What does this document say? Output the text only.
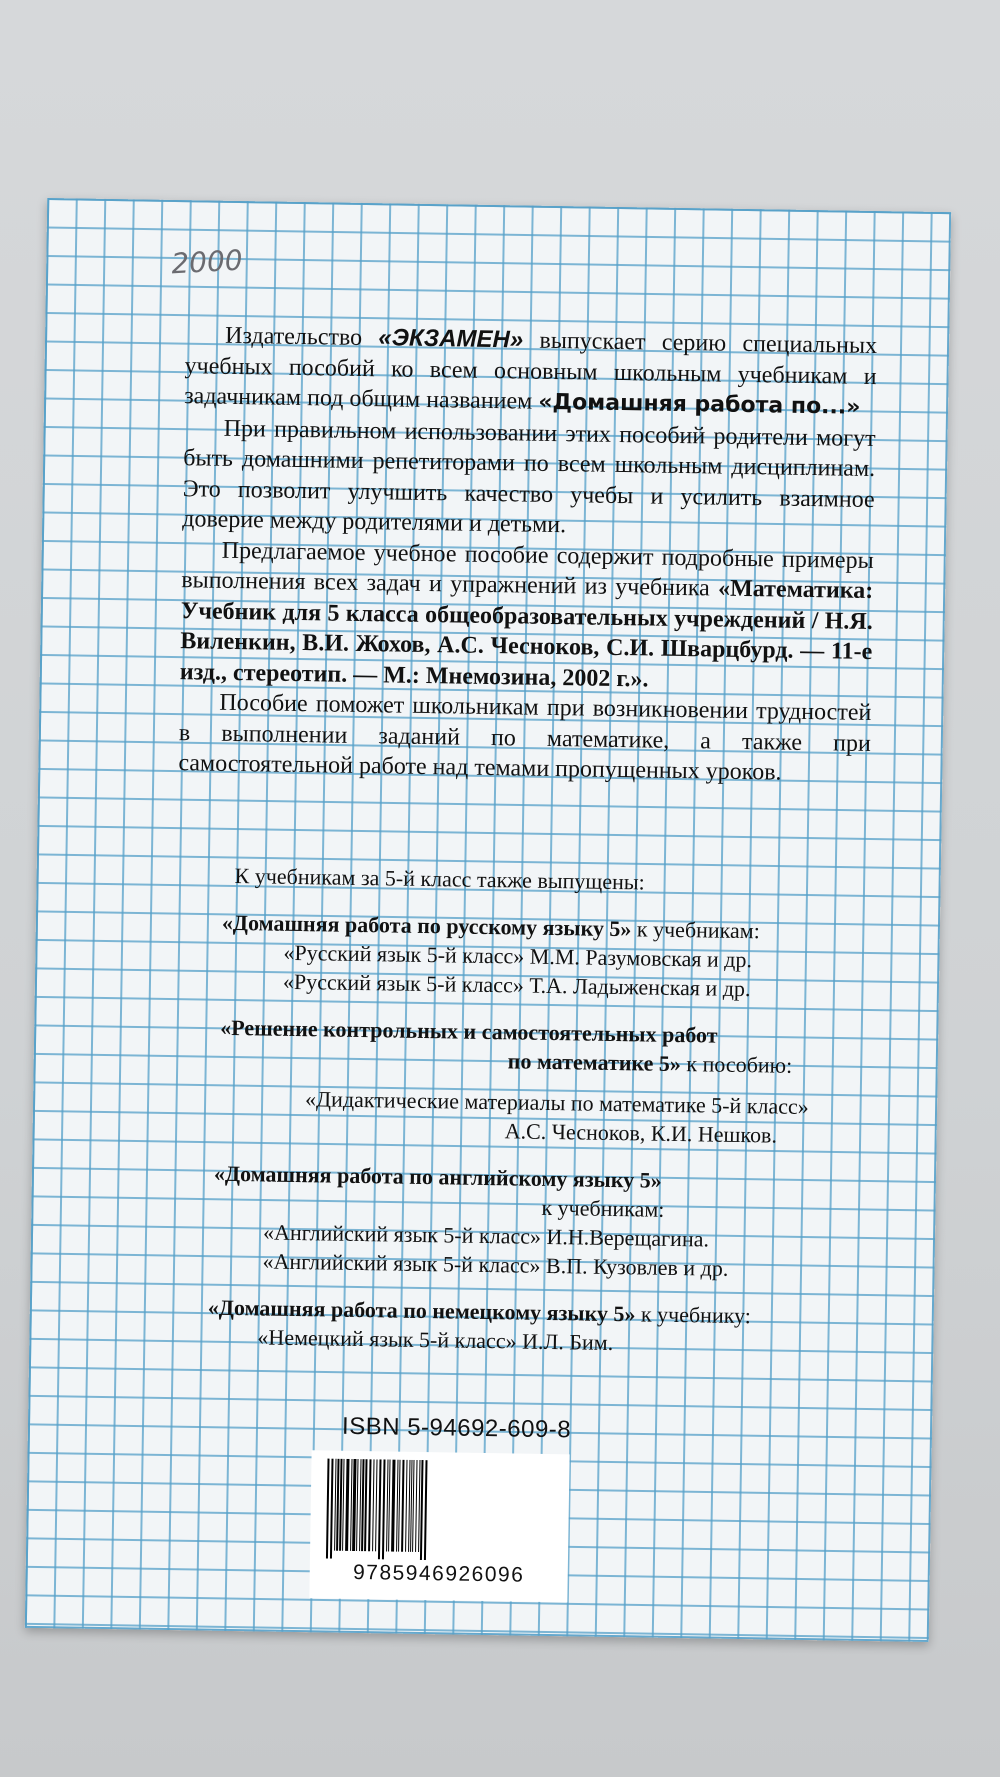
2000

Издательство «ЭКЗАМЕН» выпускает серию специальных учебных пособий ко всем основным школьным учебникам и задачникам под общим названием «Домашняя работа по...»

При правильном использовании этих пособий родители могут быть домашними репетиторами по всем школьным дисциплинам. Это позволит улучшить качество учебы и усилить взаимное доверие между родителями и детьми.

Предлагаемое учебное пособие содержит подробные примеры выполнения всех задач и упражнений из учебника «Математика: Учебник для 5 класса общеобразовательных учреждений / Н.Я. Виленкин, В.И. Жохов, А.С. Чесноков, С.И. Шварцбурд. — 11-е изд., стереотип. — М.: Мнемозина, 2002 г.».

Пособие поможет школьникам при возникновении трудностей в выполнении заданий по математике, а также при самостоятельной работе над темами пропущенных уроков.

К учебникам за 5-й класс также выпущены:
«Домашняя работа по русскому языку 5» к учебникам:
«Русский язык 5-й класс» М.М. Разумовская и др.
«Русский язык 5-й класс» Т.А. Ладыженская и др.
«Решение контрольных и самостоятельных работ
по математике 5» к пособию:
«Дидактические материалы по математике 5-й класс»
А.С. Чесноков, К.И. Нешков.
«Домашняя работа по английскому языку 5»
к учебникам:
«Английский язык 5-й класс» И.Н.Верещагина.
«Английский язык 5-й класс» В.П. Кузовлев и др.
«Домашняя работа по немецкому языку 5» к учебнику:
«Немецкий язык 5-й класс» И.Л. Бим.
ISBN 5-94692-609-8
9785946926096
